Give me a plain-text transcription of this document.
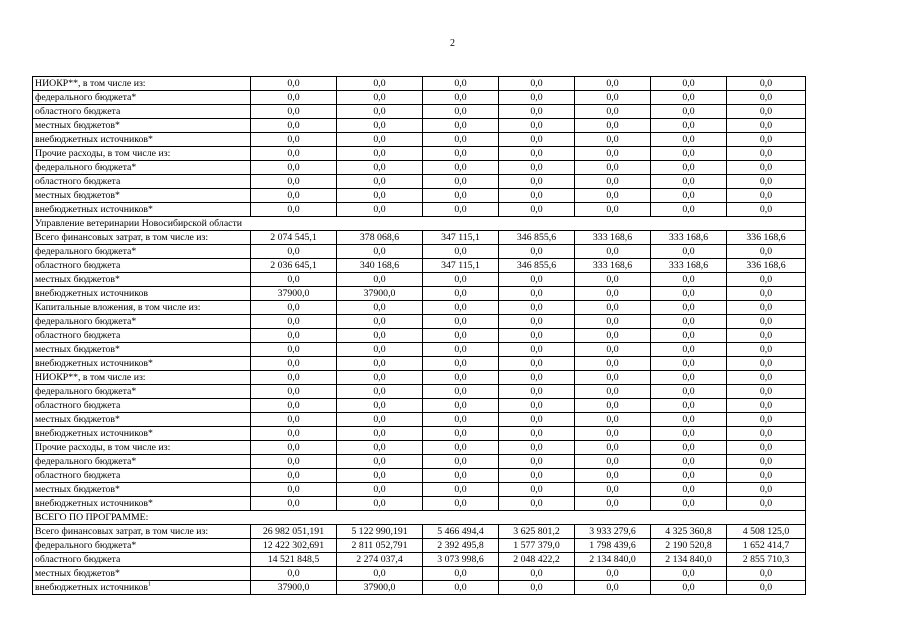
2
НИОКР**, в том числе из:	0,0	0,0	0,0	0,0	0,0	0,0	0,0	
федерального бюджета*	0,0	0,0	0,0	0,0	0,0	0,0	0,0	
областного бюджета	0,0	0,0	0,0	0,0	0,0	0,0	0,0	
местных бюджетов*	0,0	0,0	0,0	0,0	0,0	0,0	0,0	
внебюджетных источников*	0,0	0,0	0,0	0,0	0,0	0,0	0,0	
Прочие расходы, в том числе из:	0,0	0,0	0,0	0,0	0,0	0,0	0,0	
федерального бюджета*	0,0	0,0	0,0	0,0	0,0	0,0	0,0	
областного бюджета	0,0	0,0	0,0	0,0	0,0	0,0	0,0	
местных бюджетов*	0,0	0,0	0,0	0,0	0,0	0,0	0,0	
внебюджетных источников*	0,0	0,0	0,0	0,0	0,0	0,0	0,0	
Управление ветеринарии Новосибирской области								
Всего финансовых затрат, в том числе из:	2 074 545,1	378 068,6	347 115,1	346 855,6	333 168,6	333 168,6	336 168,6	
федерального бюджета*	0,0	0,0	0,0	0,0	0,0	0,0	0,0	
областного бюджета	2 036 645,1	340 168,6	347 115,1	346 855,6	333 168,6	333 168,6	336 168,6	
местных бюджетов*	0,0	0,0	0,0	0,0	0,0	0,0	0,0	
внебюджетных источников	37900,0	37900,0	0,0	0,0	0,0	0,0	0,0	
Капитальные вложения, в том числе из:	0,0	0,0	0,0	0,0	0,0	0,0	0,0	
федерального бюджета*	0,0	0,0	0,0	0,0	0,0	0,0	0,0	
областного бюджета	0,0	0,0	0,0	0,0	0,0	0,0	0,0	
местных бюджетов*	0,0	0,0	0,0	0,0	0,0	0,0	0,0	
внебюджетных источников*	0,0	0,0	0,0	0,0	0,0	0,0	0,0	
НИОКР**, в том числе из:	0,0	0,0	0,0	0,0	0,0	0,0	0,0	
федерального бюджета*	0,0	0,0	0,0	0,0	0,0	0,0	0,0	
областного бюджета	0,0	0,0	0,0	0,0	0,0	0,0	0,0	
местных бюджетов*	0,0	0,0	0,0	0,0	0,0	0,0	0,0	
внебюджетных источников*	0,0	0,0	0,0	0,0	0,0	0,0	0,0	
Прочие расходы, в том числе из:	0,0	0,0	0,0	0,0	0,0	0,0	0,0	
федерального бюджета*	0,0	0,0	0,0	0,0	0,0	0,0	0,0	
областного бюджета	0,0	0,0	0,0	0,0	0,0	0,0	0,0	
местных бюджетов*	0,0	0,0	0,0	0,0	0,0	0,0	0,0	
внебюджетных источников*	0,0	0,0	0,0	0,0	0,0	0,0	0,0	
ВСЕГО ПО ПРОГРАММЕ:								
Всего финансовых затрат, в том числе из:	26 982 051,191	5 122 990,191	5 466 494,4	3 625 801,2	3 933 279,6	4 325 360,8	4 508 125,0	
федерального бюджета*	12 422 302,691	2 811 052,791	2 392 495,8	1 577 379,0	1 798 439,6	2 190 520,8	1 652 414,7	
областного бюджета	14 521 848,5	2 274 037,4	3 073 998,6	2 048 422,2	2 134 840,0	2 134 840,0	2 855 710,3	
местных бюджетов*	0,0	0,0	0,0	0,0	0,0	0,0	0,0	
внебюджетных источников$^1$	37900,0	37900,0	0,0	0,0	0,0	0,0	0,0	
